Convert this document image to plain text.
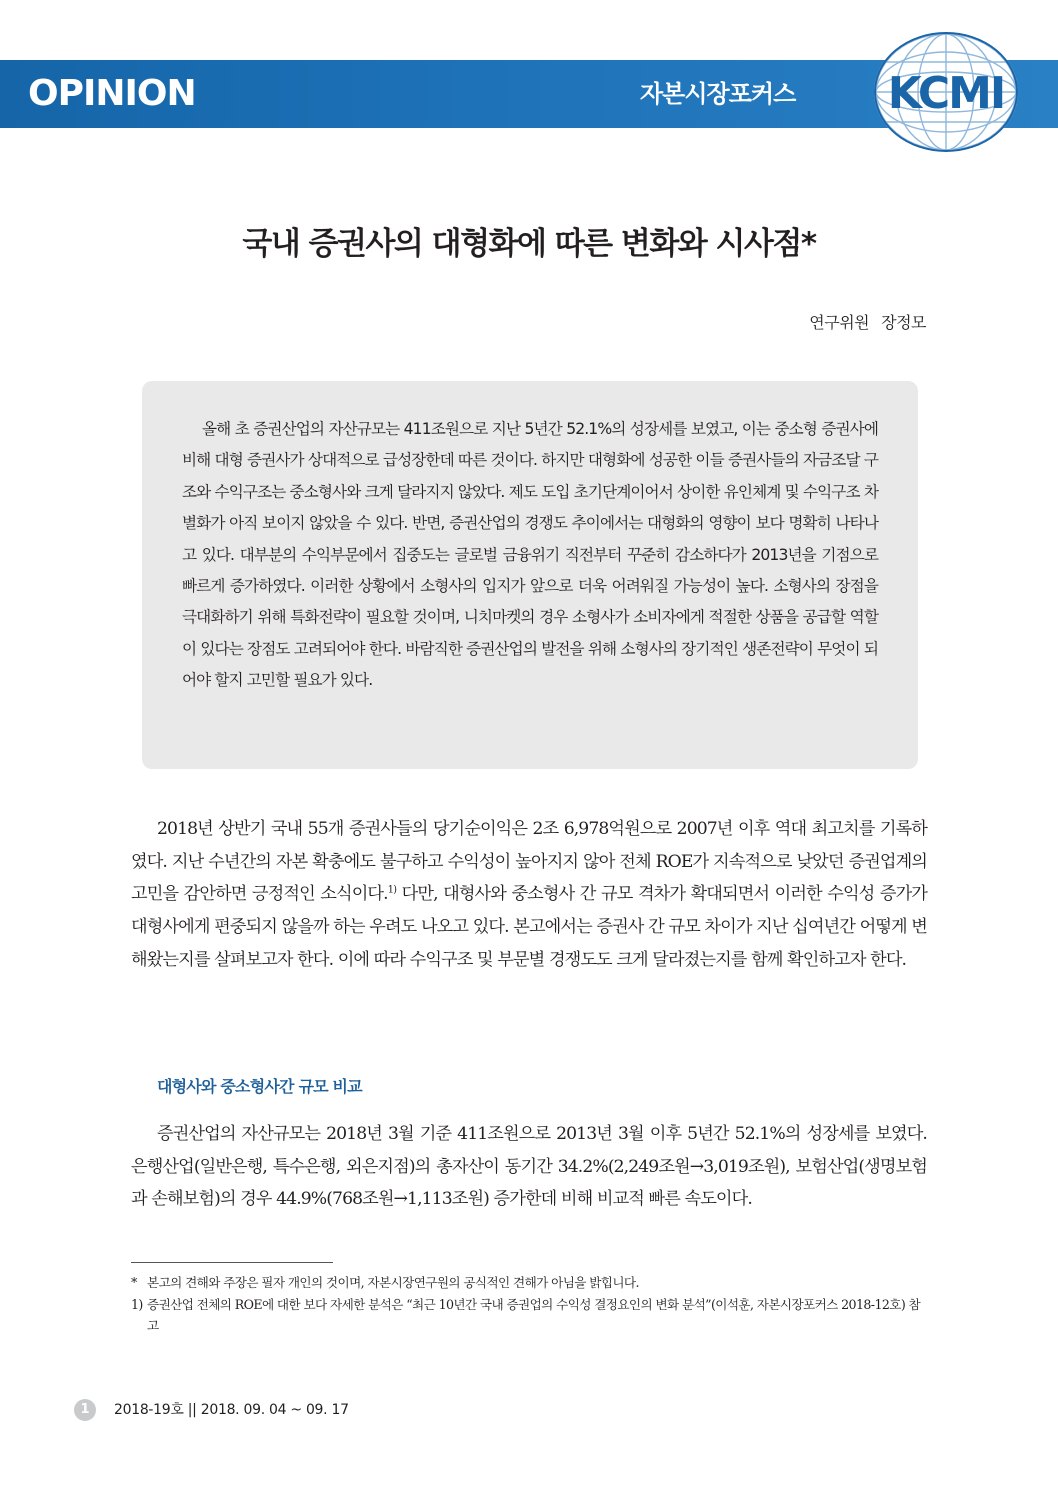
OPINION	자본시장포커스 KCMI
국내 증권사의 대형화에 따른 변화와 시사점*
연구위원 장정모

올해 초 증권산업의 자산규모는 411조원으로 지난 5년간 52.1%의 성장세를 보였고, 이는 중소형 증권사에 비해 대형 증권사가 상대적으로 급성장한데 따른 것이다. 하지만 대형화에 성공한 이들 증권사들의 자금조달 구조와 수익구조는 중소형사와 크게 달라지지 않았다. 제도 도입 초기단계이어서 상이한 유인체계 및 수익구조 차별화가 아직 보이지 않았을 수 있다. 반면, 증권산업의 경쟁도 추이에서는 대형화의 영향이 보다 명확히 나타나고 있다. 대부분의 수익부문에서 집중도는 글로벌 금융위기 직전부터 꾸준히 감소하다가 2013년을 기점으로 빠르게 증가하였다. 이러한 상황에서 소형사의 입지가 앞으로 더욱 어려워질 가능성이 높다. 소형사의 장점을 극대화하기 위해 특화전략이 필요할 것이며, 니치마켓의 경우 소형사가 소비자에게 적절한 상품을 공급할 역할이 있다는 장점도 고려되어야 한다. 바람직한 증권산업의 발전을 위해 소형사의 장기적인 생존전략이 무엇이 되어야 할지 고민할 필요가 있다.

2018년 상반기 국내 55개 증권사들의 당기순이익은 2조 6,978억원으로 2007년 이후 역대 최고치를 기록하였다. 지난 수년간의 자본 확충에도 불구하고 수익성이 높아지지 않아 전체 ROE가 지속적으로 낮았던 증권업계의 고민을 감안하면 긍정적인 소식이다.$^{1)}$ 다만, 대형사와 중소형사 간 규모 격차가 확대되면서 이러한 수익성 증가가 대형사에게 편중되지 않을까 하는 우려도 나오고 있다. 본고에서는 증권사 간 규모 차이가 지난 십여년간 어떻게 변해왔는지를 살펴보고자 한다. 이에 따라 수익구조 및 부문별 경쟁도도 크게 달라졌는지를 함께 확인하고자 한다.

대형사와 중소형사간 규모 비교

증권산업의 자산규모는 2018년 3월 기준 411조원으로 2013년 3월 이후 5년간 52.1%의 성장세를 보였다. 은행산업(일반은행, 특수은행, 외은지점)의 총자산이 동기간 34.2%(2,249조원→3,019조원), 보험산업(생명보험과 손해보험)의 경우 44.9%(768조원→1,113조원) 증가한데 비해 비교적 빠른 속도이다.

* 본고의 견해와 주장은 필자 개인의 것이며, 자본시장연구원의 공식적인 견해가 아님을 밝힙니다.

1) 증권산업 전체의 ROE에 대한 보다 자세한 분석은 “최근 10년간 국내 증권업의 수익성 결정요인의 변화 분석”(이석훈, 자본시장포커스 2018-12호) 참고

1	2018-19호 || 2018. 09. 04 ~ 09. 17
